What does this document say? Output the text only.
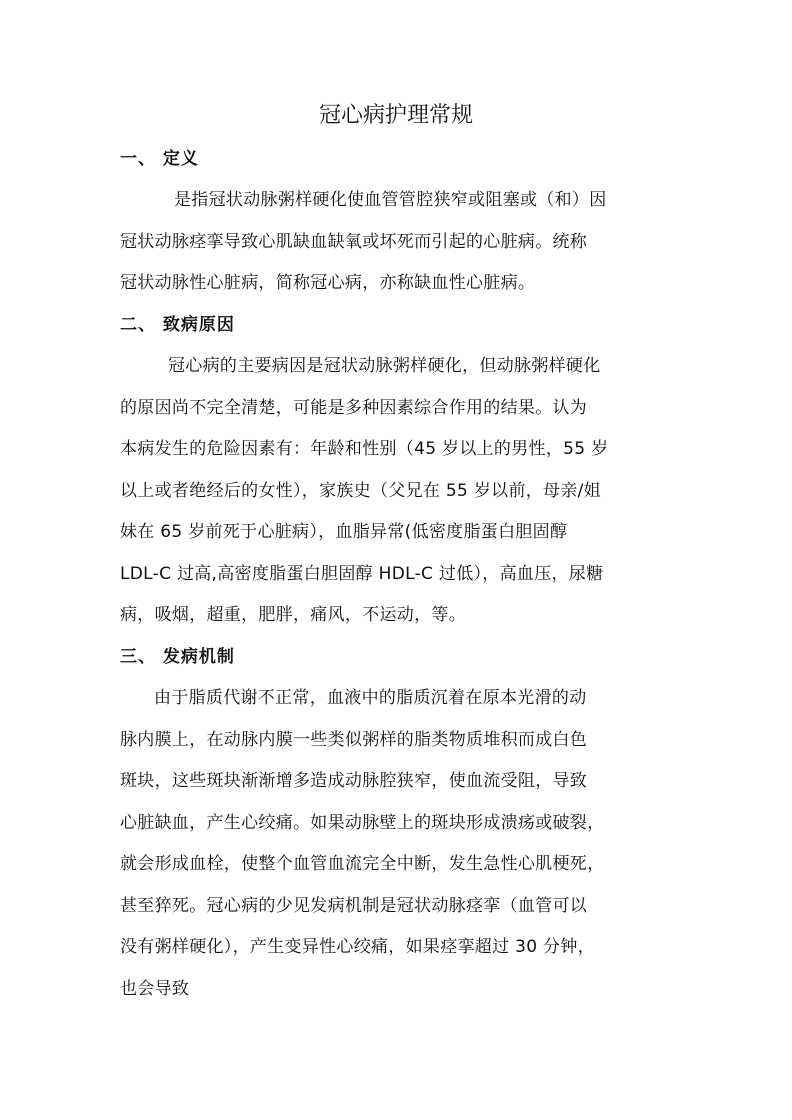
冠心病护理常规
一、 定义
是指冠状动脉粥样硬化使血管管腔狭窄或阻塞或（和）因
冠状动脉痉挛导致心肌缺血缺氧或坏死而引起的心脏病。统称
冠状动脉性心脏病，简称冠心病，亦称缺血性心脏病。
二、 致病原因
冠心病的主要病因是冠状动脉粥样硬化，但动脉粥样硬化
的原因尚不完全清楚，可能是多种因素综合作用的结果。认为
本病发生的危险因素有：年龄和性别（45 岁以上的男性，55 岁
以上或者绝经后的女性），家族史（父兄在 55 岁以前，母亲/姐
妹在 65 岁前死于心脏病），血脂异常(低密度脂蛋白胆固醇
LDL-C 过高,高密度脂蛋白胆固醇 HDL-C 过低），高血压，尿糖
病，吸烟，超重，肥胖，痛风，不运动，等。
三、 发病机制
由于脂质代谢不正常，血液中的脂质沉着在原本光滑的动
脉内膜上，在动脉内膜一些类似粥样的脂类物质堆积而成白色
斑块，这些斑块渐渐增多造成动脉腔狭窄，使血流受阻，导致
心脏缺血，产生心绞痛。如果动脉壁上的斑块形成溃疡或破裂，
就会形成血栓，使整个血管血流完全中断，发生急性心肌梗死，
甚至猝死。冠心病的少见发病机制是冠状动脉痉挛（血管可以
没有粥样硬化），产生变异性心绞痛，如果痉挛超过 30 分钟，
也会导致
